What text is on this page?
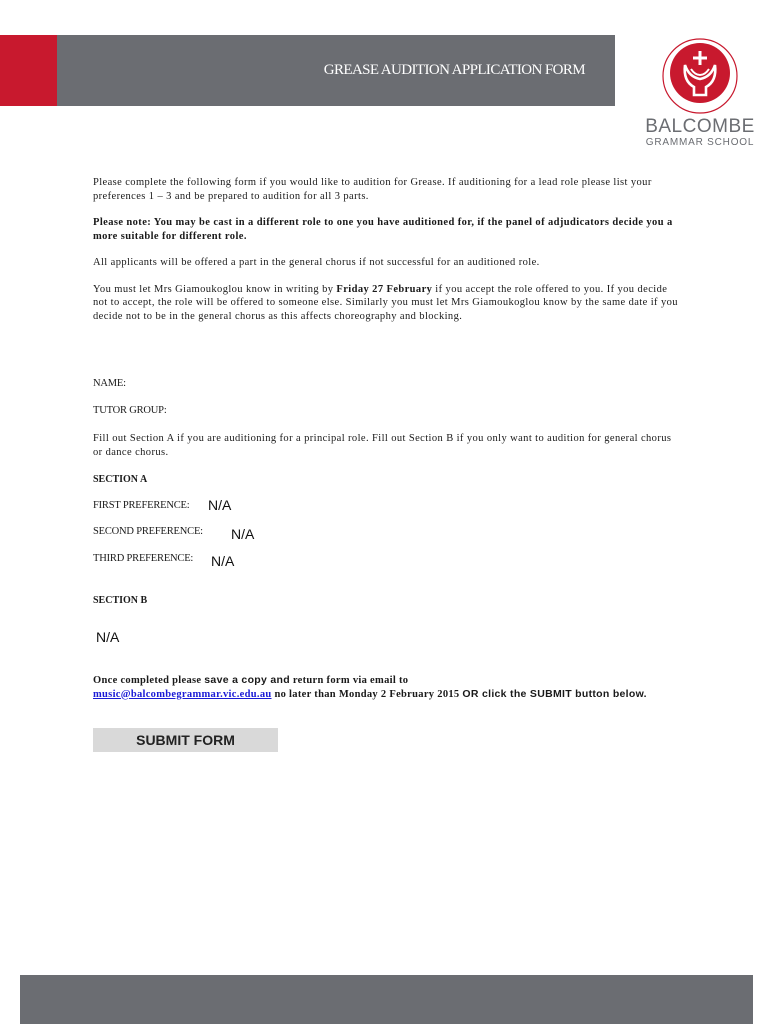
GREASE AUDITION APPLICATION FORM
BALCOMBE
GRAMMAR SCHOOL

Please complete the following form if you would like to audition for Grease. If auditioning for a lead role please list your preferences 1 – 3 and be prepared to audition for all 3 parts.

Please note: You may be cast in a different role to one you have auditioned for, if the panel of adjudicators decide you a more suitable for different role.

All applicants will be offered a part in the general chorus if not successful for an auditioned role.

You must let Mrs Giamoukoglou know in writing by Friday 27 February if you accept the role offered to you. If you decide not to accept, the role will be offered to someone else. Similarly you must let Mrs Giamoukoglou know by the same date if you decide not to be in the general chorus as this affects choreography and blocking.

NAME:
TUTOR GROUP:
Fill out Section A if you are auditioning for a principal role. Fill out Section B if you only want to audition for general chorus or dance chorus.
SECTION A
FIRST PREFERENCE: N/A
SECOND PREFERENCE: N/A
THIRD PREFERENCE: N/A
SECTION B
N/A
Once completed please save a copy and return form via email to
music@balcombegrammar.vic.edu.au no later than Monday 2 February 2015 OR click the SUBMIT button below.
SUBMIT FORM
